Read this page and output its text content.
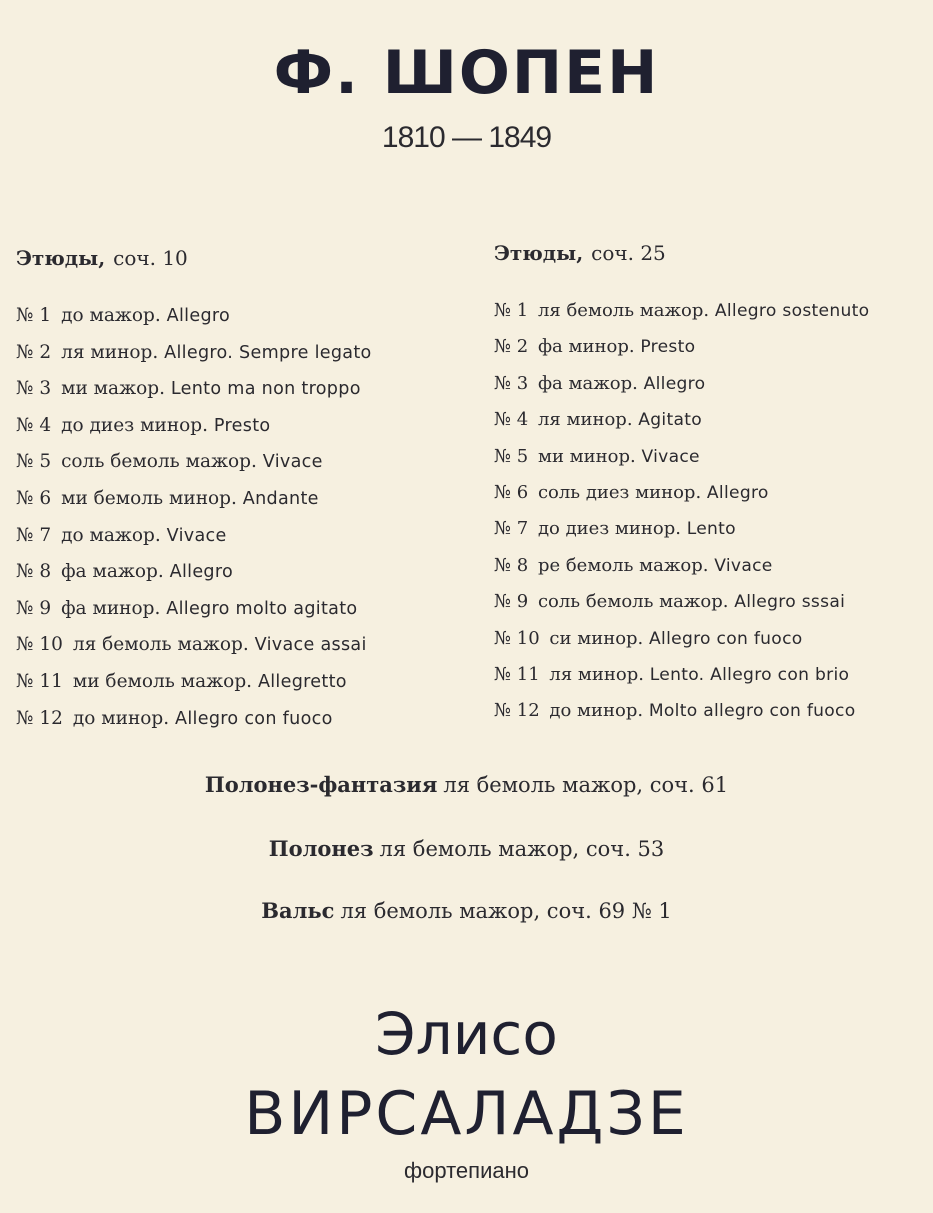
Ф. ШОПЕН
1810 — 1849
Этюды, соч. 10
№ 1 до мажор. Allegro
№ 2 ля минор. Allegro. Sempre legato
№ 3 ми мажор. Lento ma non troppo
№ 4 до диез минор. Presto
№ 5 соль бемоль мажор. Vivace
№ 6 ми бемоль минор. Andante
№ 7 до мажор. Vivace
№ 8 фа мажор. Allegro
№ 9 фа минор. Allegro molto agitato
№ 10 ля бемоль мажор. Vivace assai
№ 11 ми бемоль мажор. Allegretto
№ 12 до минор. Allegro con fuoco
Этюды, соч. 25
№ 1 ля бемоль мажор. Allegro sostenuto
№ 2 фа минор. Presto
№ 3 фа мажор. Allegro
№ 4 ля минор. Agitato
№ 5 ми минор. Vivace
№ 6 соль диез минор. Allegro
№ 7 до диез минор. Lento
№ 8 ре бемоль мажор. Vivace
№ 9 соль бемоль мажор. Allegro sssai
№ 10 си минор. Allegro con fuoco
№ 11 ля минор. Lento. Allegro con brio
№ 12 до минор. Molto allegro con fuoco
Полонез-фантазия ля бемоль мажор, соч. 61
Полонез ля бемоль мажор, соч. 53
Вальс ля бемоль мажор, соч. 69 № 1
Элисо
ВИРСАЛАДЗЕ
фортепиано
